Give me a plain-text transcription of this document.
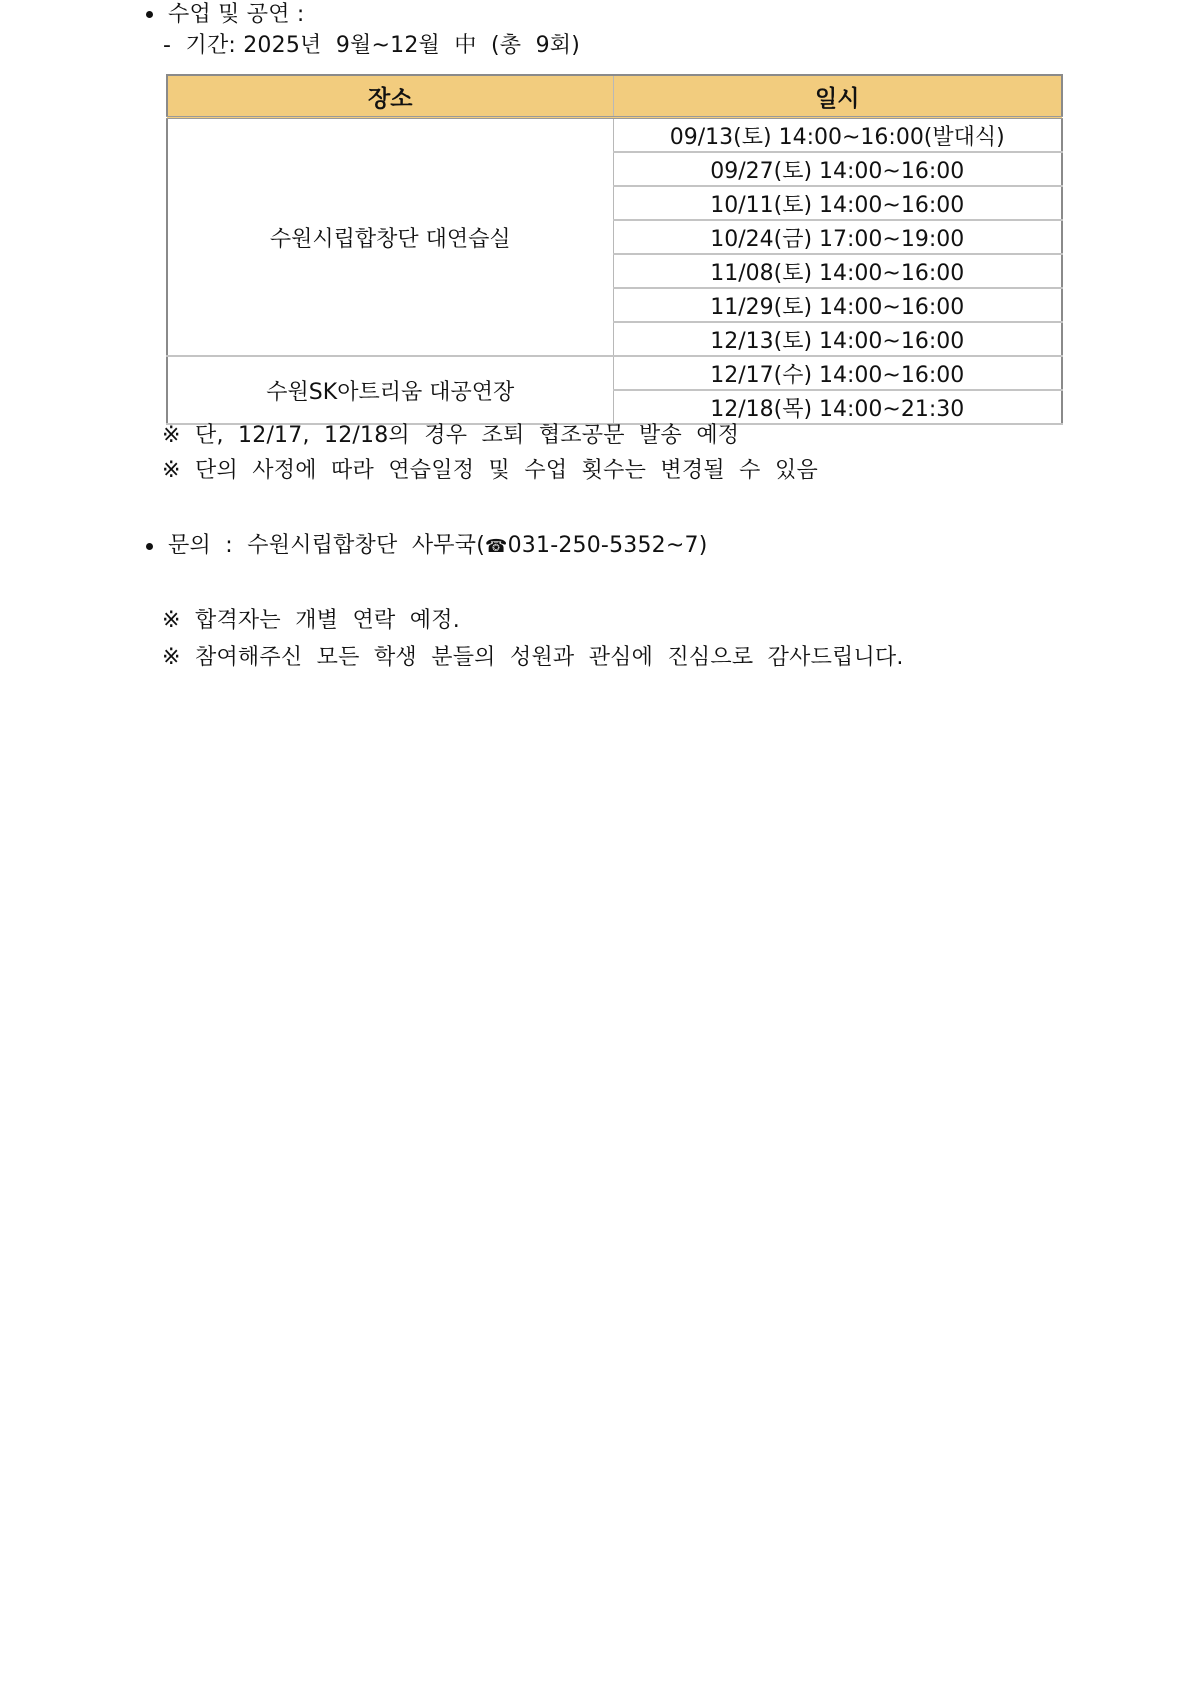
수업 및 공연 :
-  기간: 2025년  9월~12월  中  (총  9회)
장소	일시
수원시립합창단 대연습실	09/13(토) 14:00~16:00(발대식)
	09/27(토) 14:00~16:00
	10/11(토) 14:00~16:00
	10/24(금) 17:00~19:00
	11/08(토) 14:00~16:00
	11/29(토) 14:00~16:00
	12/13(토) 14:00~16:00
수원SK아트리움 대공연장	12/17(수) 14:00~16:00
	12/18(목) 14:00~21:30
※  단,  12/17,  12/18의  경우  조퇴  협조공문  발송  예정
※  단의  사정에  따라  연습일정  및  수업  횟수는  변경될  수  있음
문의  :  수원시립합창단  사무국(☎031-250-5352~7)
※  합격자는  개별  연락  예정.
※  참여해주신  모든  학생  분들의  성원과  관심에  진심으로  감사드립니다.
